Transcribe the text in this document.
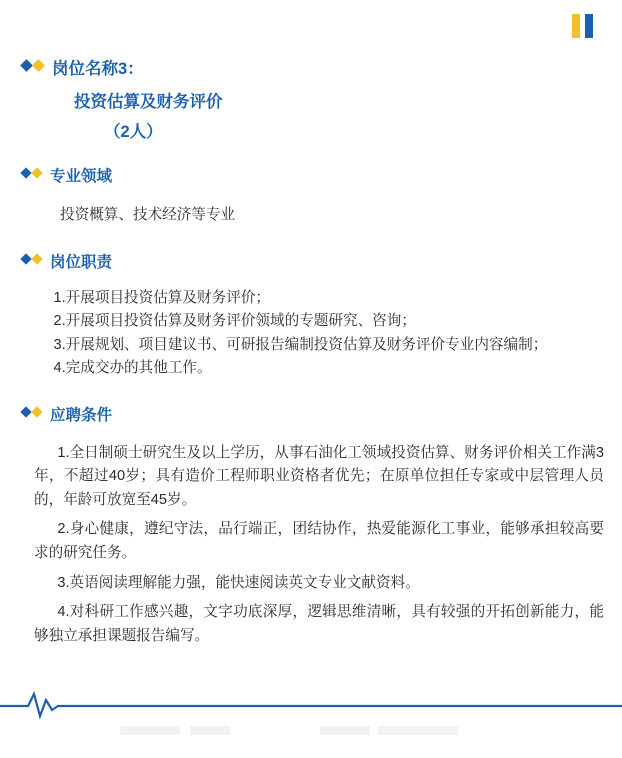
岗位名称3：
投资估算及财务评价
（2人）
专业领域

投资概算、技术经济等专业

岗位职责

1.开展项目投资估算及财务评价；

2.开展项目投资估算及财务评价领域的专题研究、咨询；

3.开展规划、项目建议书、可研报告编制投资估算及财务评价专业内容编制；

4.完成交办的其他工作。

应聘条件

1.全日制硕士研究生及以上学历，从事石油化工领域投资估算、财务评价相关工作满3年，不超过40岁；具有造价工程师职业资格者优先；在原单位担任专家或中层管理人员的，年龄可放宽至45岁。

2.身心健康，遵纪守法，品行端正，团结协作，热爱能源化工事业，能够承担较高要求的研究任务。

3.英语阅读理解能力强，能快速阅读英文专业文献资料。

4.对科研工作感兴趣，文字功底深厚，逻辑思维清晰，具有较强的开拓创新能力，能够独立承担课题报告编写。
